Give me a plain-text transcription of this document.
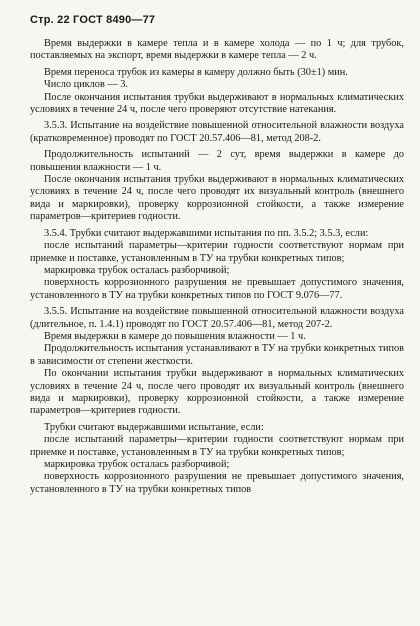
Стр. 22 ГОСТ 8490—77

Время выдержки в камере тепла и в камере холода — по 1 ч; для трубок, поставляемых на экспорт, время выдержки в камере тепла — 2 ч.

Время переноса трубок из камеры в камеру должно быть (30±1) мин.

Число циклов — 3.

После окончания испытания трубки выдерживают в нормальных климатических условиях в течение 24 ч, после чего проверяют отсутствие натекания.

3.5.3. Испытание на воздействие повышенной относительной влажности воздуха (кратковременное) проводят по ГОСТ 20.57.406—81, метод 208-2.

Продолжительность испытаний — 2 сут, время выдержки в камере до повышения влажности — 1 ч.

После окончания испытания трубки выдерживают в нормальных климатических условиях в течение 24 ч, после чего проводят их визуальный контроль (внешнего вида и маркировки), проверку коррозионной стойкости, а также измерение параметров—критериев годности.

3.5.4. Трубки считают выдержавшими испытания по пп. 3.5.2; 3.5.3, если:

после испытаний параметры—критерии годности соответствуют нормам при приемке и поставке, установленным в ТУ на трубки конкретных типов;

маркировка трубок осталась разборчивой;

поверхность коррозионного разрушения не превышает допустимого значения, установленного в ТУ на трубки конкретных типов по ГОСТ 9.076—77.

3.5.5. Испытание на воздействие повышенной относительной влажности воздуха (длительное, п. 1.4.1) проводят по ГОСТ 20.57.406—81, метод 207-2.

Время выдержки в камере до повышения влажности — 1 ч.

Продолжительность испытания устанавливают в ТУ на трубки конкретных типов в зависимости от степени жесткости.

По окончании испытания трубки выдерживают в нормальных климатических условиях в течение 24 ч, после чего проводят их визуальный контроль (внешнего вида и маркировки), проверку коррозионной стойкости, а также измерение параметров—критериев годности.

Трубки считают выдержавшими испытание, если:

после испытаний параметры—критерии годности соответствуют нормам при приемке и поставке, установленным в ТУ на трубки конкретных типов;

маркировка трубок осталась разборчивой;

поверхность коррозионного разрушения не превышает допустимого значения, установленного в ТУ на трубки конкретных типов
